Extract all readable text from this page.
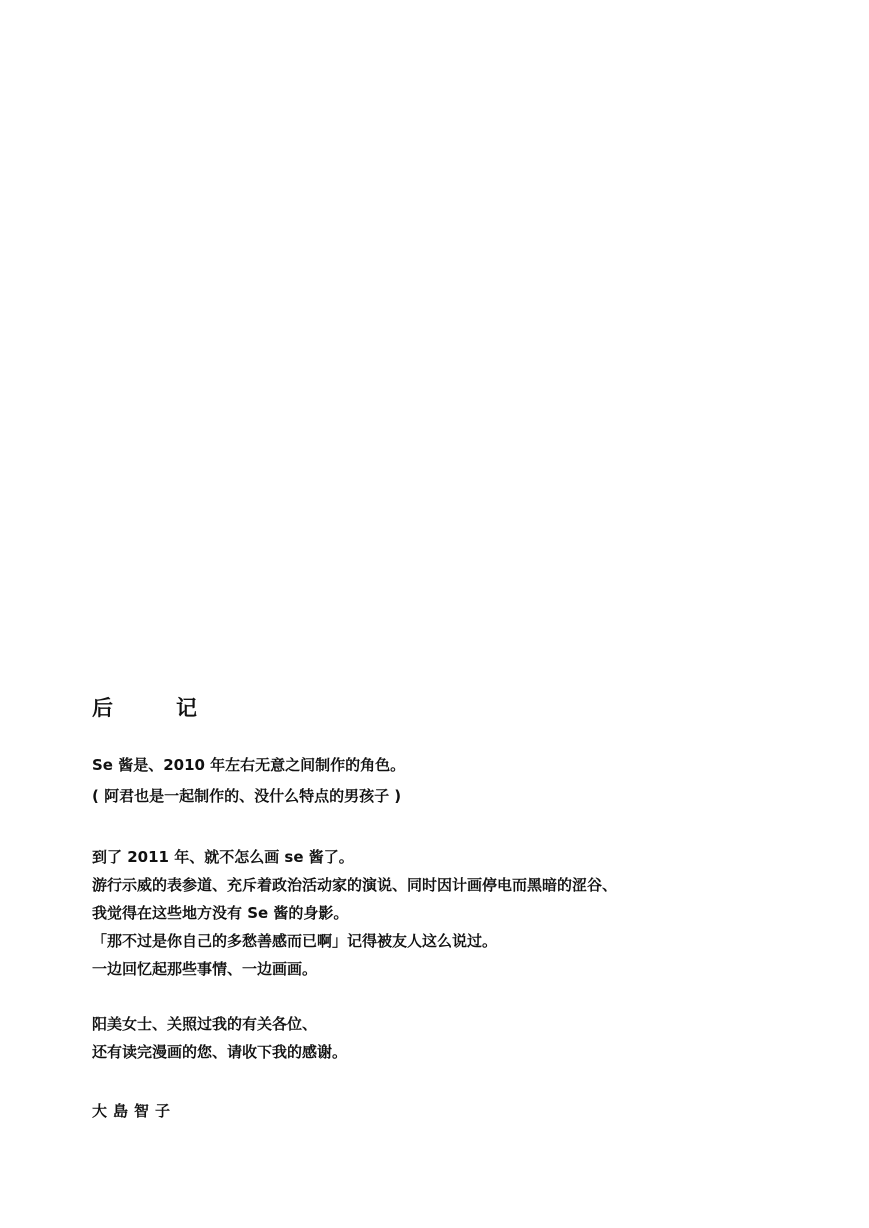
后　　　记
Se 酱是、2010 年左右无意之间制作的角色。
( 阿君也是一起制作的、没什么特点的男孩子 )
到了 2011 年、就不怎么画 se 酱了。
游行示威的表参道、充斥着政治活动家的演说、同时因计画停电而黑暗的涩谷、
我觉得在这些地方没有 Se 酱的身影。
「那不过是你自己的多愁善感而已啊」记得被友人这么说过。
一边回忆起那些事情、一边画画。
阳美女士、关照过我的有关各位、
还有读完漫画的您、请收下我的感谢。
大島智子
